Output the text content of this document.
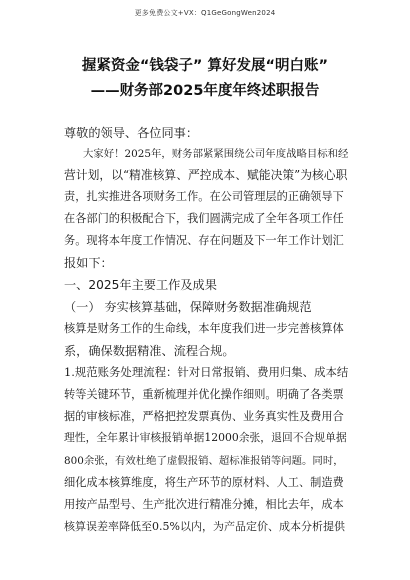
更多免费公文+VX：Q1GeGongWen2024
握紧资金“钱袋子” 算好发展“明白账”
——财务部2025年度年终述职报告
尊敬的领导、各位同事：
大家好！2025年，财务部紧紧围绕公司年度战略目标和经
营计划，以“精准核算、严控成本、赋能决策”为核心职
责，扎实推进各项财务工作。在公司管理层的正确领导下
在各部门的积极配合下，我们圆满完成了全年各项工作任
务。现将本年度工作情况、存在问题及下一年工作计划汇
报如下：
一、2025年主要工作及成果
（一） 夯实核算基础，保障财务数据准确规范
核算是财务工作的生命线，本年度我们进一步完善核算体
系，确保数据精准、流程合规。
1.规范账务处理流程：针对日常报销、费用归集、成本结
转等关键环节，重新梳理并优化操作细则。明确了各类票
据的审核标准，严格把控发票真伪、业务真实性及费用合
理性，全年累计审核报销单据12000余张，退回不合规单据
800余张，有效杜绝了虚假报销、超标准报销等问题。同时，
细化成本核算维度，将生产环节的原材料、人工、制造费
用按产品型号、生产批次进行精准分摊，相比去年，成本
核算误差率降低至0.5%以内，为产品定价、成本分析提供
